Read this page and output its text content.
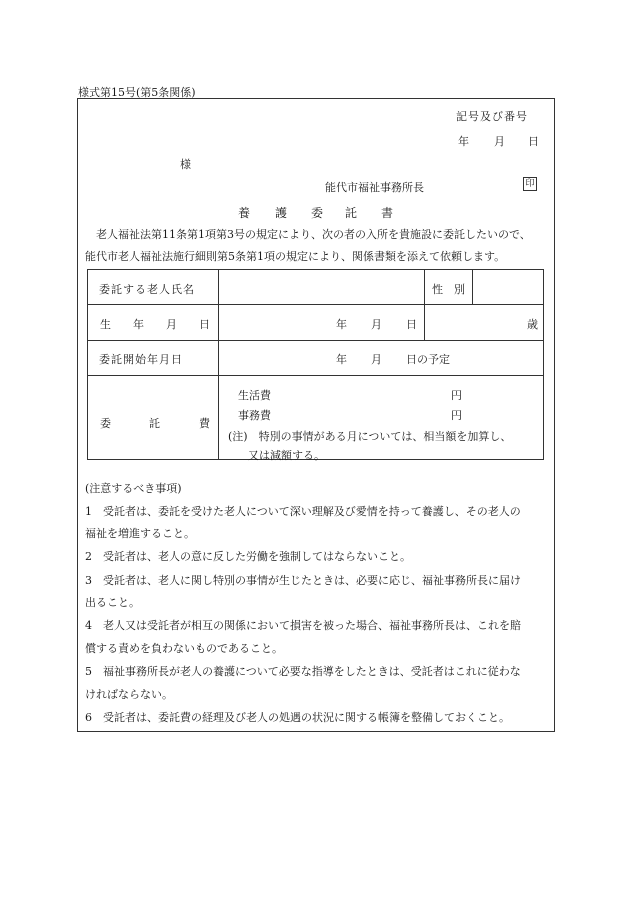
様式第15号(第5条関係)
記号及び番号
年 月 日
様
能代市福祉事務所長	印
養 護 委 託 書
老人福祉法第11条第1項第3号の規定により、次の者の入所を貴施設に委託したいので、
能代市老人福祉法施行細則第5条第1項の規定により、関係書類を添えて依頼します。
委託する老人氏名	性　別
生 年 月 日	年 月 日	歳
委託開始年月日	年 月 日の予定
委	託	費
生活費	円
事務費	円
(注)　特別の事情がある月については、相当額を加算し、
又は減額する。
(注意するべき事項)
1　受託者は、委託を受けた老人について深い理解及び愛情を持って養護し、その老人の
福祉を増進すること。
2　受託者は、老人の意に反した労働を強制してはならないこと。
3　受託者は、老人に関し特別の事情が生じたときは、必要に応じ、福祉事務所長に届け
出ること。
4　老人又は受託者が相互の関係において損害を被った場合、福祉事務所長は、これを賠
償する責めを負わないものであること。
5　福祉事務所長が老人の養護について必要な指導をしたときは、受託者はこれに従わな
ければならない。
6　受託者は、委託費の経理及び老人の処遇の状況に関する帳簿を整備しておくこと。
